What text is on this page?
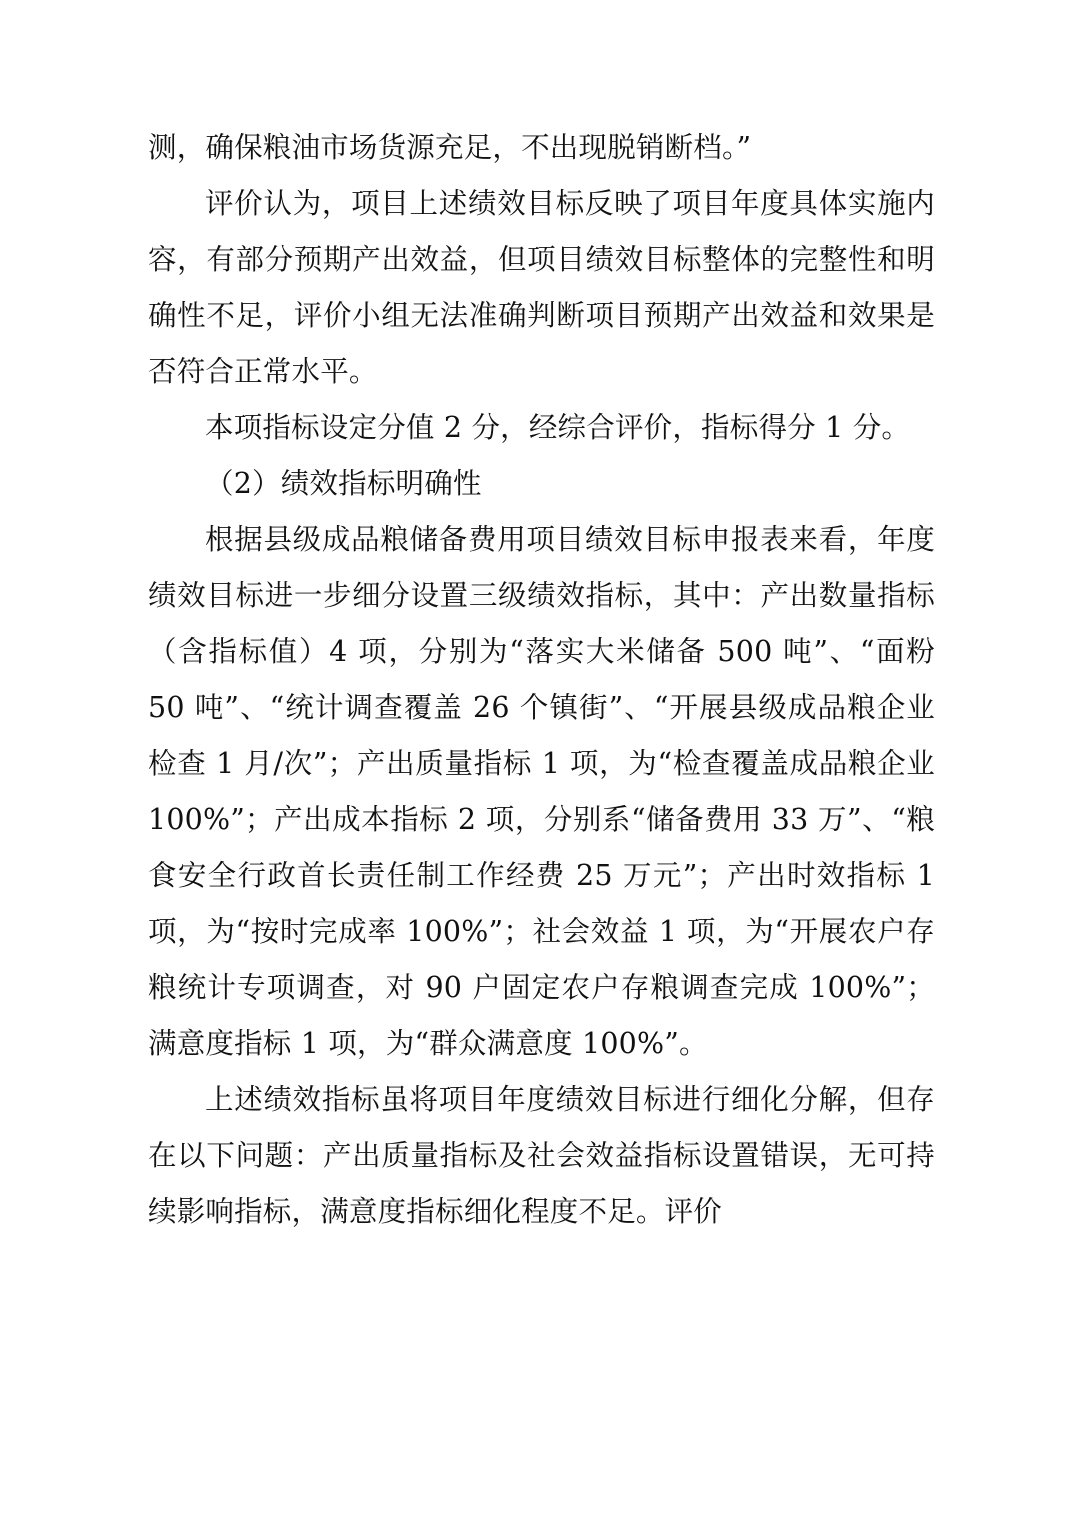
测，确保粮油市场货源充足，不出现脱销断档。”

评价认为，项目上述绩效目标反映了项目年度具体实施内容，有部分预期产出效益，但项目绩效目标整体的完整性和明确性不足，评价小组无法准确判断项目预期产出效益和效果是否符合正常水平。

本项指标设定分值 2 分，经综合评价，指标得分 1 分。

（2）绩效指标明确性

根据县级成品粮储备费用项目绩效目标申报表来看，年度绩效目标进一步细分设置三级绩效指标，其中：产出数量指标（含指标值）4 项，分别为“落实大米储备 500 吨”、“面粉 50 吨”、“统计调查覆盖 26 个镇街”、“开展县级成品粮企业检查 1 月/次”；产出质量指标 1 项，为“检查覆盖成品粮企业 100%”；产出成本指标 2 项，分别系“储备费用 33 万”、“粮食安全行政首长责任制工作经费 25 万元”；产出时效指标 1 项，为“按时完成率 100%”；社会效益 1 项，为“开展农户存粮统计专项调查，对 90 户固定农户存粮调查完成 100%”；满意度指标 1 项，为“群众满意度 100%”。

上述绩效指标虽将项目年度绩效目标进行细化分解，但存在以下问题：产出质量指标及社会效益指标设置错误，无可持续影响指标，满意度指标细化程度不足。评价
